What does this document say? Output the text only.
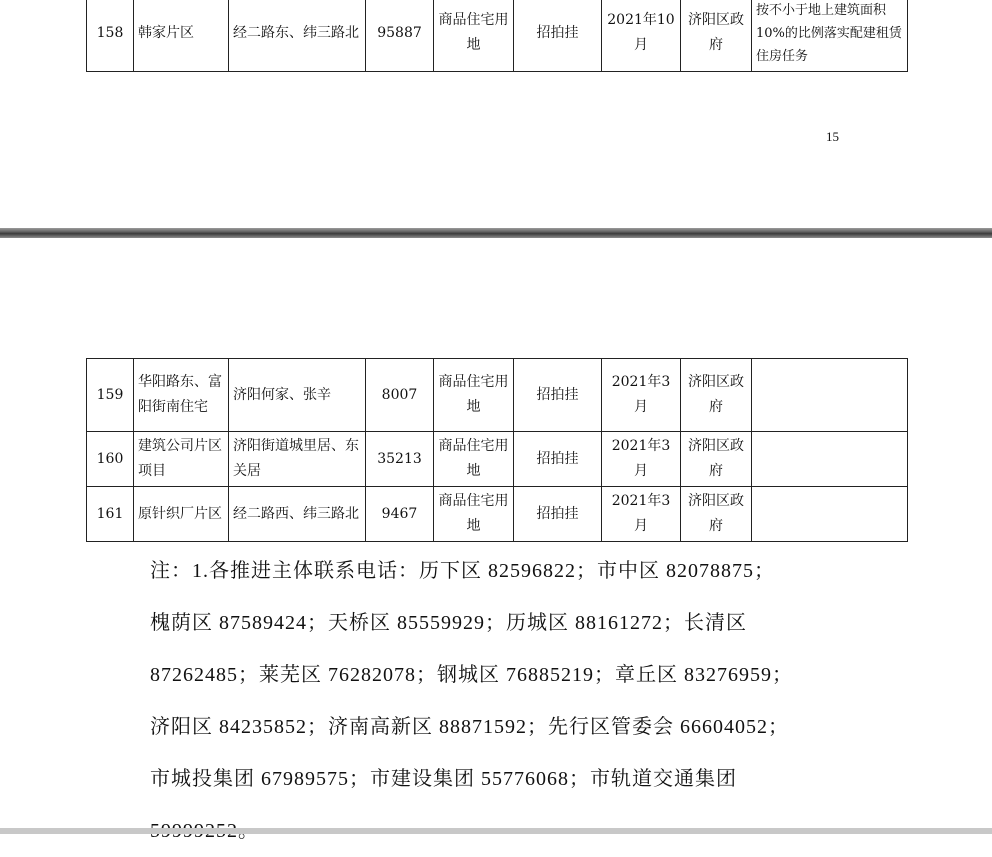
158	韩家片区	经二路东、纬三路北	95887	商品住宅用地	招拍挂	2021年10月	济阳区政府	按不小于地上建筑面积10%的比例落实配建租赁住房任务
15
159	华阳路东、富阳街南住宅	济阳何家、张辛	8007	商品住宅用地	招拍挂	2021年3月	济阳区政府	
160	建筑公司片区项目	济阳街道城里居、东关居	35213	商品住宅用地	招拍挂	2021年3月	济阳区政府	
161	原针织厂片区	经二路西、纬三路北	9467	商品住宅用地	招拍挂	2021年3月	济阳区政府	

注：1.各推进主体联系电话：历下区 82596822；市中区 82078875；

槐荫区 87589424；天桥区 85559929；历城区 88161272；长清区

87262485；莱芜区 76282078；钢城区 76885219；章丘区 83276959；

济阳区 84235852；济南高新区 88871592；先行区管委会 66604052；

市城投集团 67989575；市建设集团 55776068；市轨道交通集团
